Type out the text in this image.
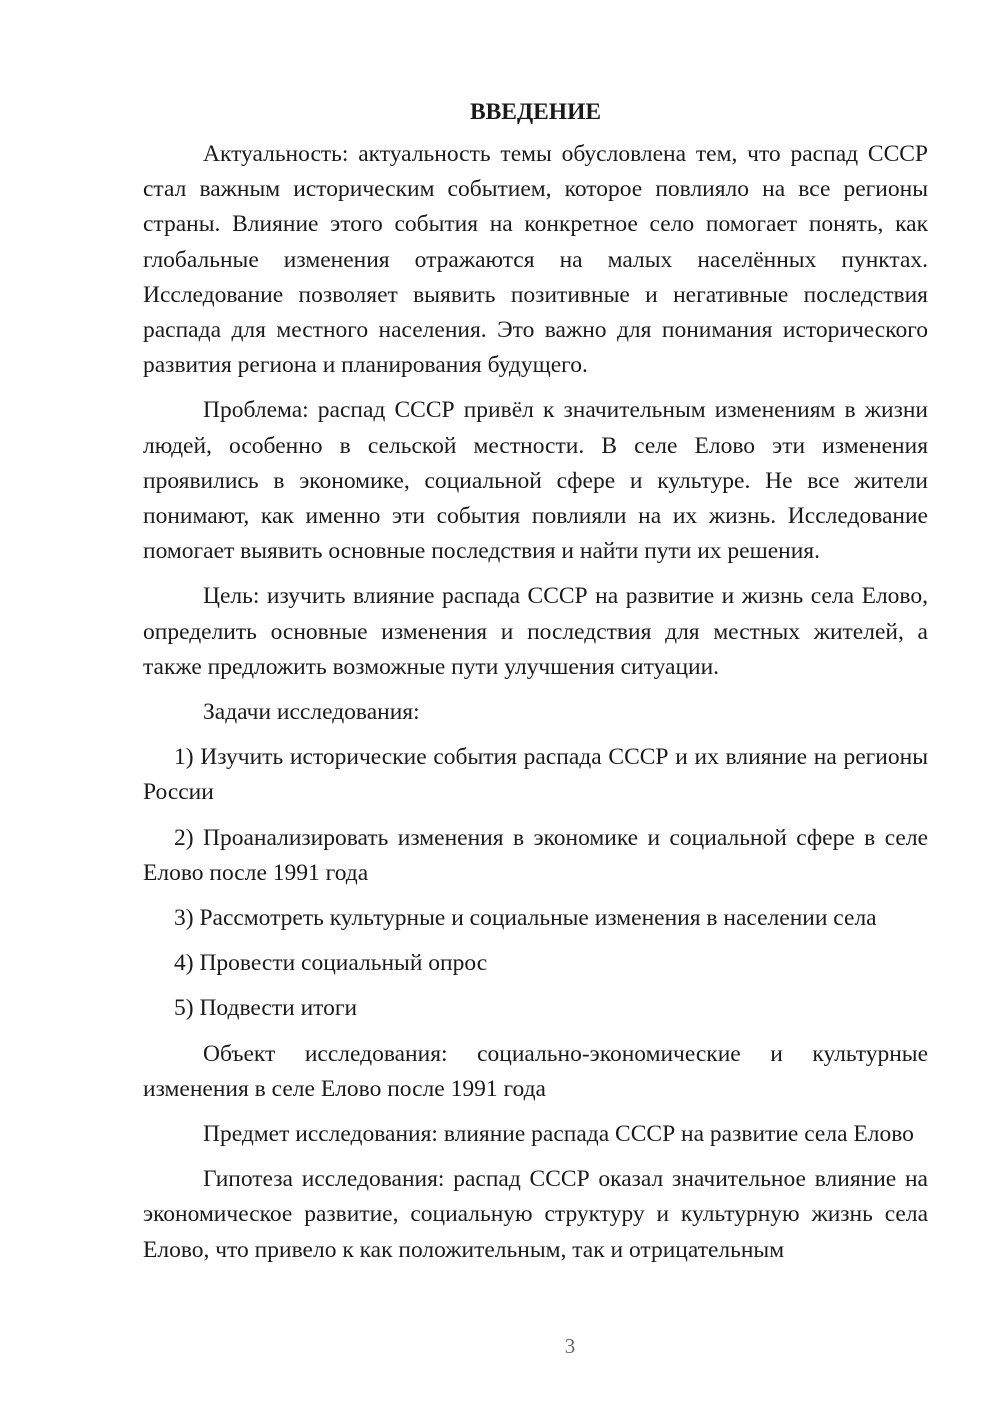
ВВЕДЕНИЕ

Актуальность: актуальность темы обусловлена тем, что распад СССР стал важным историческим событием, которое повлияло на все регионы страны. Влияние этого события на конкретное село помогает понять, как глобальные изменения отражаются на малых населённых пунктах. Исследование позволяет выявить позитивные и негативные последствия распада для местного населения. Это важно для понимания исторического развития региона и планирования будущего.

Проблема: распад СССР привёл к значительным изменениям в жизни людей, особенно в сельской местности. В селе Елово эти изменения проявились в экономике, социальной сфере и культуре. Не все жители понимают, как именно эти события повлияли на их жизнь. Исследование помогает выявить основные последствия и найти пути их решения.

Цель: изучить влияние распада СССР на развитие и жизнь села Елово, определить основные изменения и последствия для местных жителей, а также предложить возможные пути улучшения ситуации.

Задачи исследования:

1) Изучить исторические события распада СССР и их влияние на регионы России

2) Проанализировать изменения в экономике и социальной сфере в селе Елово после 1991 года

3) Рассмотреть культурные и социальные изменения в населении села

4) Провести социальный опрос

5) Подвести итоги

Объект исследования: социально-экономические и культурные изменения в селе Елово после 1991 года

Предмет исследования: влияние распада СССР на развитие села Елово

Гипотеза исследования: распад СССР оказал значительное влияние на экономическое развитие, социальную структуру и культурную жизнь села Елово, что привело к как положительным, так и отрицательным

3
